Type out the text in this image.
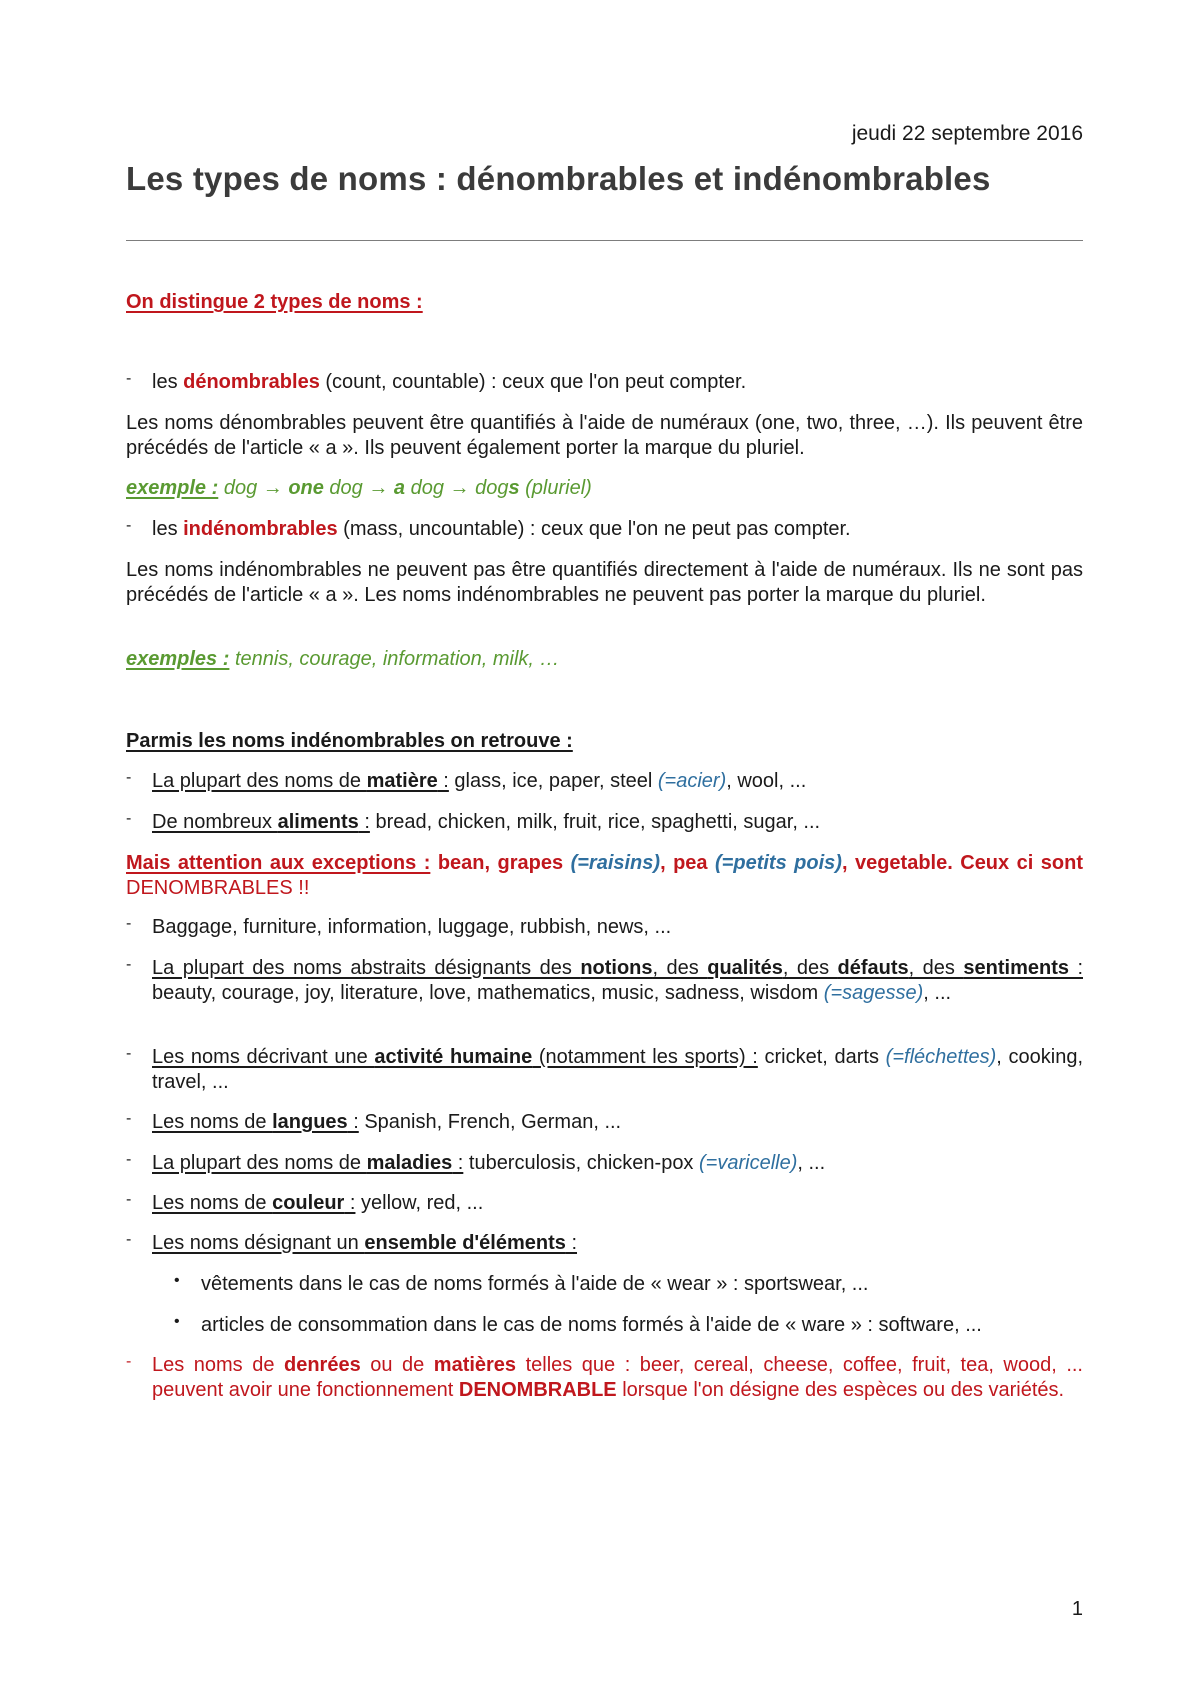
jeudi 22 septembre 2016
Les types de noms : dénombrables et indénombrables

On distingue 2 types de noms :

-	les dénombrables (count, countable) : ceux que l'on peut compter.

Les noms dénombrables peuvent être quantifiés à l'aide de numéraux (one, two, three, …). Ils peuvent être précédés de l'article « a ». Ils peuvent également porter la marque du pluriel.

exemple : dog → one dog → a dog → dogs (pluriel)

-	les indénombrables (mass, uncountable) : ceux que l'on ne peut pas compter.

Les noms indénombrables ne peuvent pas être quantifiés directement à l'aide de numéraux. Ils ne sont pas précédés de l'article « a ». Les noms indénombrables ne peuvent pas porter la marque du pluriel.

exemples : tennis, courage, information, milk, …

Parmis les noms indénombrables on retrouve :

-	La plupart des noms de matière : glass, ice, paper, steel (=acier), wool, ...

-	De nombreux aliments : bread, chicken, milk, fruit, rice, spaghetti, sugar, ...

Mais attention aux exceptions : bean, grapes (=raisins), pea (=petits pois), vegetable. Ceux ci sont DENOMBRABLES !!

-	Baggage, furniture, information, luggage, rubbish, news, ...

-	La plupart des noms abstraits désignants des notions, des qualités, des défauts, des sentiments : beauty, courage, joy, literature, love, mathematics, music, sadness, wisdom (=sagesse), ...

-	Les noms décrivant une activité humaine (notamment les sports) : cricket, darts (=fléchettes), cooking, travel, ...

-	Les noms de langues : Spanish, French, German, ...

-	La plupart des noms de maladies : tuberculosis, chicken-pox (=varicelle), ...

-	Les noms de couleur : yellow, red, ...

-	Les noms désignant un ensemble d'éléments :

•	vêtements dans le cas de noms formés à l'aide de « wear » : sportswear, ...

•	articles de consommation dans le cas de noms formés à l'aide de « ware » : software, ...

-	Les noms de denrées ou de matières telles que : beer, cereal, cheese, coffee, fruit, tea, wood, ... peuvent avoir une fonctionnement DENOMBRABLE lorsque l'on désigne des espèces ou des variétés.

1
